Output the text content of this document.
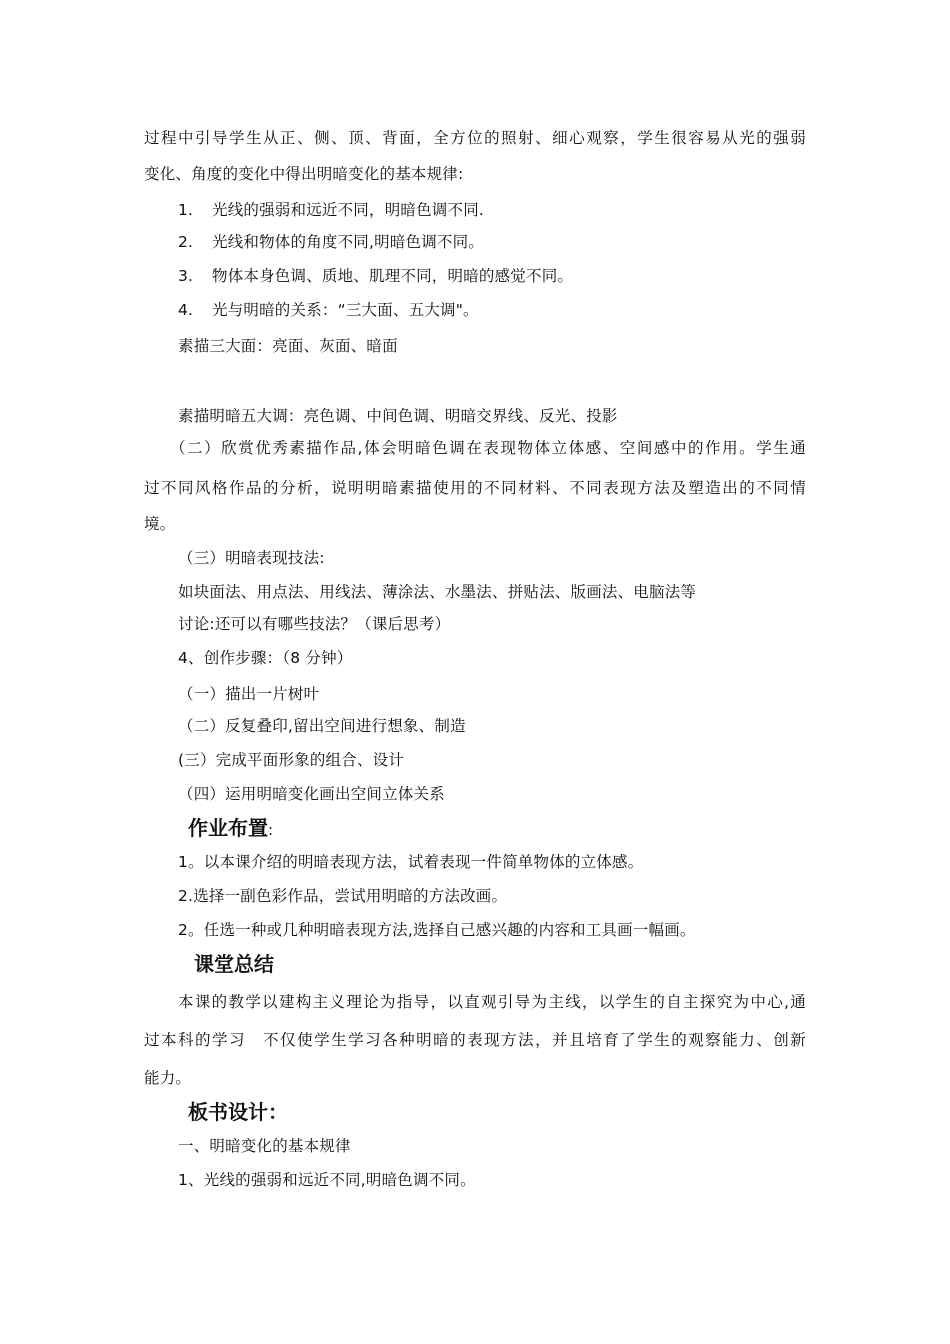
过程中引导学生从正、侧、顶、背面，全方位的照射、细心观察，学生很容易从光的强弱
变化、角度的变化中得出明暗变化的基本规律:
1. 光线的强弱和远近不同，明暗色调不同.
2. 光线和物体的角度不同,明暗色调不同。
3. 物体本身色调、质地、肌理不同，明暗的感觉不同。
4. 光与明暗的关系：“三大面、五大调"。
素描三大面：亮面、灰面、暗面
素描明暗五大调：亮色调、中间色调、明暗交界线、反光、投影
（二）欣赏优秀素描作品,体会明暗色调在表现物体立体感、空间感中的作用。学生通
过不同风格作品的分析，说明明暗素描使用的不同材料、不同表现方法及塑造出的不同情
境。
（三）明暗表现技法:
如块面法、用点法、用线法、薄涂法、水墨法、拼贴法、版画法、电脑法等
讨论:还可以有哪些技法？（课后思考）
4、创作步骤：（8 分钟）
（一）描出一片树叶
（二）反复叠印,留出空间进行想象、制造
(三）完成平面形象的组合、设计
（四）运用明暗变化画出空间立体关系
作业布置:
1。以本课介绍的明暗表现方法，试着表现一件简单物体的立体感。
2.选择一副色彩作品，尝试用明暗的方法改画。
2。任选一种或几种明暗表现方法,选择自己感兴趣的内容和工具画一幅画。
课堂总结
本课的教学以建构主义理论为指导，以直观引导为主线，以学生的自主探究为中心,通
过本科的学习　不仅使学生学习各种明暗的表现方法，并且培育了学生的观察能力、创新
能力。
板书设计：
一、明暗变化的基本规律
1、光线的强弱和远近不同,明暗色调不同。
